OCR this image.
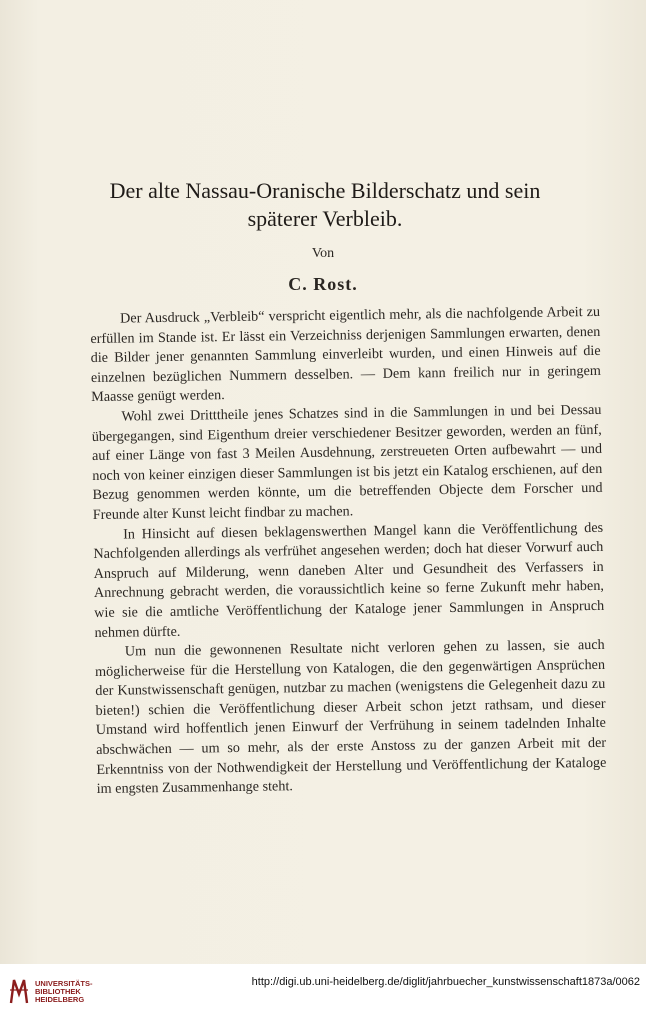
Der alte Nassau-Oranische Bilderschatz und sein
späterer Verbleib.
Von
C. Rost.

Der Ausdruck „Verbleib“ verspricht eigentlich mehr, als die nachfolgende Arbeit zu erfüllen im Stande ist. Er lässt ein Verzeichniss derjenigen Sammlungen erwarten, denen die Bilder jener genannten Sammlung einverleibt wurden, und einen Hinweis auf die einzelnen bezüglichen Nummern desselben. — Dem kann freilich nur in geringem Maasse genügt werden.

Wohl zwei Dritttheile jenes Schatzes sind in die Sammlungen in und bei Dessau übergegangen, sind Eigenthum dreier verschiedener Besitzer geworden, werden an fünf, auf einer Länge von fast 3 Meilen Ausdehnung, zerstreueten Orten aufbewahrt — und noch von keiner einzigen dieser Sammlungen ist bis jetzt ein Katalog erschienen, auf den Bezug genommen werden könnte, um die betreffenden Objecte dem Forscher und Freunde alter Kunst leicht findbar zu machen.

In Hinsicht auf diesen beklagenswerthen Mangel kann die Veröffentlichung des Nachfolgenden allerdings als verfrühet angesehen werden; doch hat dieser Vorwurf auch Anspruch auf Milderung, wenn daneben Alter und Gesundheit des Verfassers in Anrechnung gebracht werden, die voraussichtlich keine so ferne Zukunft mehr haben, wie sie die amtliche Veröffentlichung der Kataloge jener Sammlungen in Anspruch nehmen dürfte.

Um nun die gewonnenen Resultate nicht verloren gehen zu lassen, sie auch möglicherweise für die Herstellung von Katalogen, die den gegenwärtigen Ansprüchen der Kunstwissenschaft genügen, nutzbar zu machen (wenigstens die Gelegenheit dazu zu bieten!) schien die Veröffentlichung dieser Arbeit schon jetzt rathsam, und dieser Umstand wird hoffentlich jenen Einwurf der Verfrühung in seinem tadelnden Inhalte abschwächen — um so mehr, als der erste Anstoss zu der ganzen Arbeit mit der Erkenntniss von der Nothwendigkeit der Herstellung und Veröffentlichung der Kataloge im engsten Zusammenhange steht.

UNIVERSITÄTS-
BIBLIOTHEK
HEIDELBERG
http://digi.ub.uni-heidelberg.de/diglit/jahrbuecher_kunstwissenschaft1873a/0062
